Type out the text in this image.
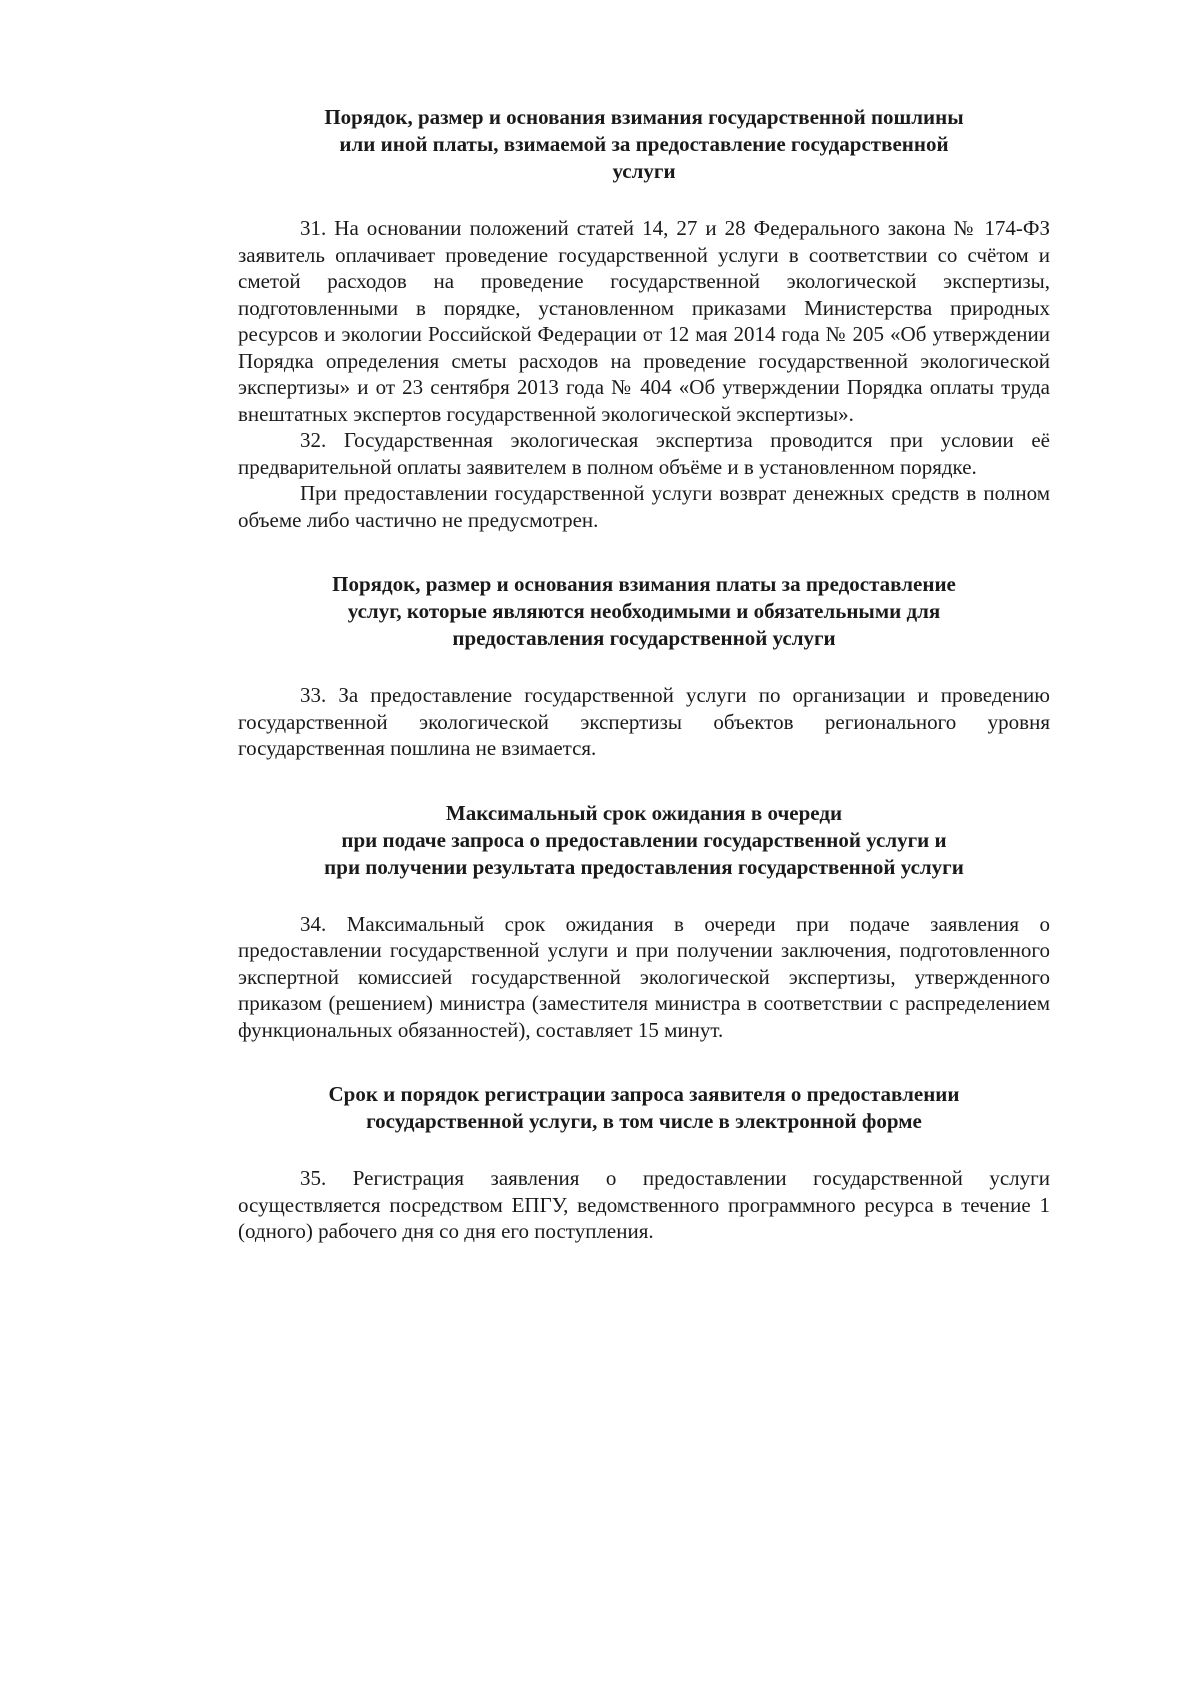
Порядок, размер и основания взимания государственной пошлины
или иной платы, взимаемой за предоставление государственной
услуги

31. На основании положений статей 14, 27 и 28 Федерального закона № 174-ФЗ заявитель оплачивает проведение государственной услуги в соответствии со счётом и сметой расходов на проведение государственной экологической экспертизы, подготовленными в порядке, установленном приказами Министерства природных ресурсов и экологии Российской Федерации от 12 мая 2014 года № 205 «Об утверждении Порядка определения сметы расходов на проведение государственной экологической экспертизы» и от 23 сентября 2013 года № 404 «Об утверждении Порядка оплаты труда внештатных экспертов государственной экологической экспертизы».

32. Государственная экологическая экспертиза проводится при условии её предварительной оплаты заявителем в полном объёме и в установленном порядке.

При предоставлении государственной услуги возврат денежных средств в полном объеме либо частично не предусмотрен.

Порядок, размер и основания взимания платы за предоставление
услуг, которые являются необходимыми и обязательными для
предоставления государственной услуги

33. За предоставление государственной услуги по организации и проведению государственной экологической экспертизы объектов регионального уровня государственная пошлина не взимается.

Максимальный срок ожидания в очереди
при подаче запроса о предоставлении государственной услуги и
при получении результата предоставления государственной услуги

34. Максимальный срок ожидания в очереди при подаче заявления о предоставлении государственной услуги и при получении заключения, подготовленного экспертной комиссией государственной экологической экспертизы, утвержденного приказом (решением) министра (заместителя министра в соответствии с распределением функциональных обязанностей), составляет 15 минут.

Срок и порядок регистрации запроса заявителя о предоставлении
государственной услуги, в том числе в электронной форме

35. Регистрация заявления о предоставлении государственной услуги осуществляется посредством ЕПГУ, ведомственного программного ресурса в течение 1 (одного) рабочего дня со дня его поступления.
